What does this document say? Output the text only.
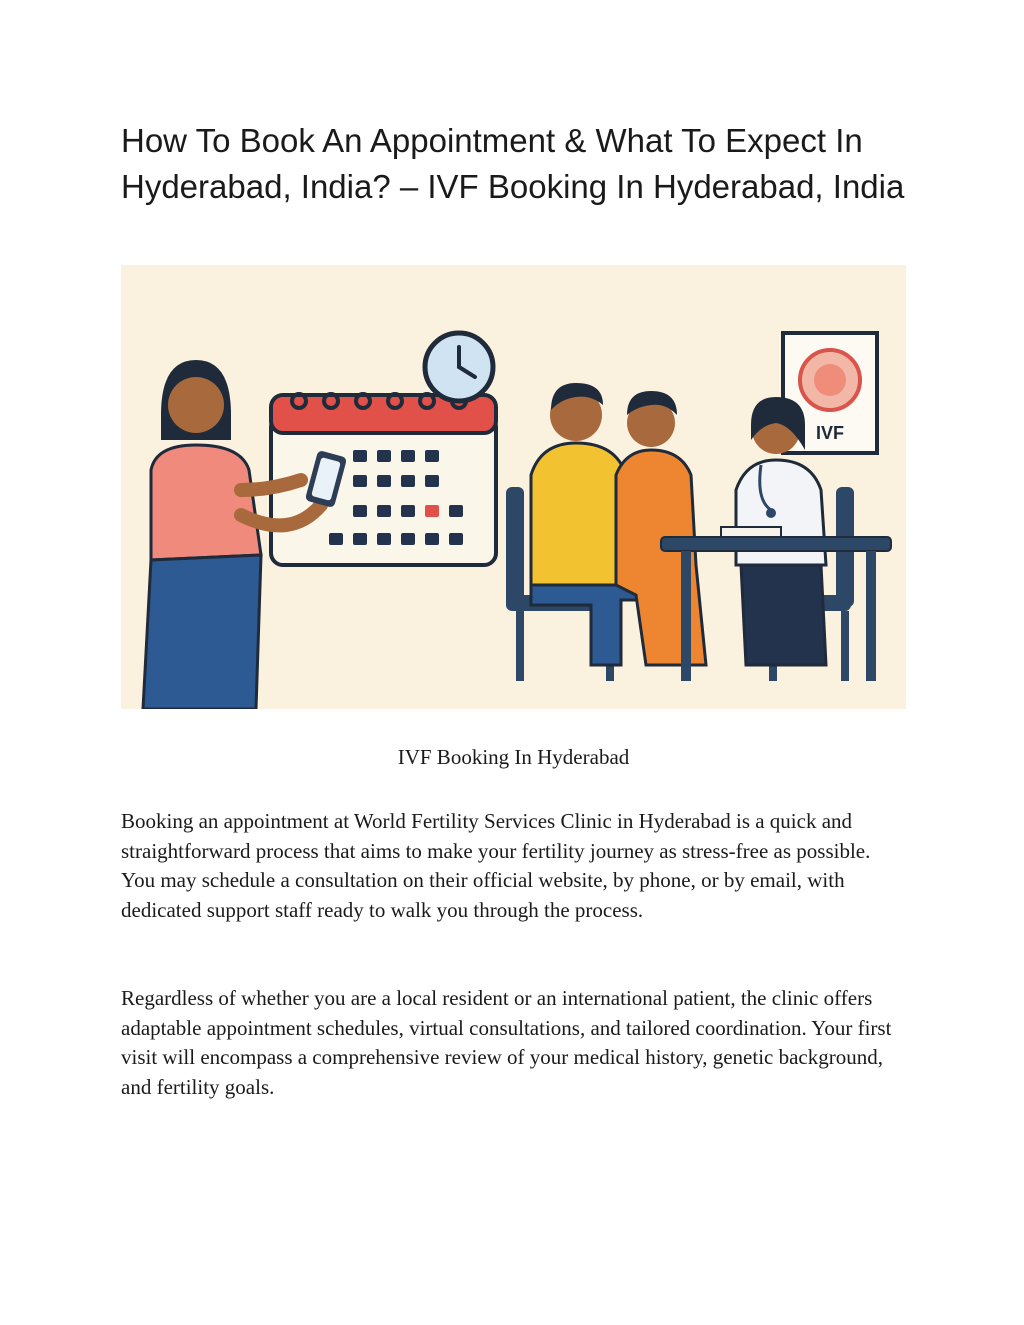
How To Book An Appointment & What To Expect In Hyderabad, India? – IVF Booking In Hyderabad, India
IVF
IVF Booking In Hyderabad

Booking an appointment at World Fertility Services Clinic in Hyderabad is a quick and straightforward process that aims to make your fertility journey as stress-free as possible. You may schedule a consultation on their official website, by phone, or by email, with dedicated support staff ready to walk you through the process.

Regardless of whether you are a local resident or an international patient, the clinic offers adaptable appointment schedules, virtual consultations, and tailored coordination. Your first visit will encompass a comprehensive review of your medical history, genetic background, and fertility goals.
